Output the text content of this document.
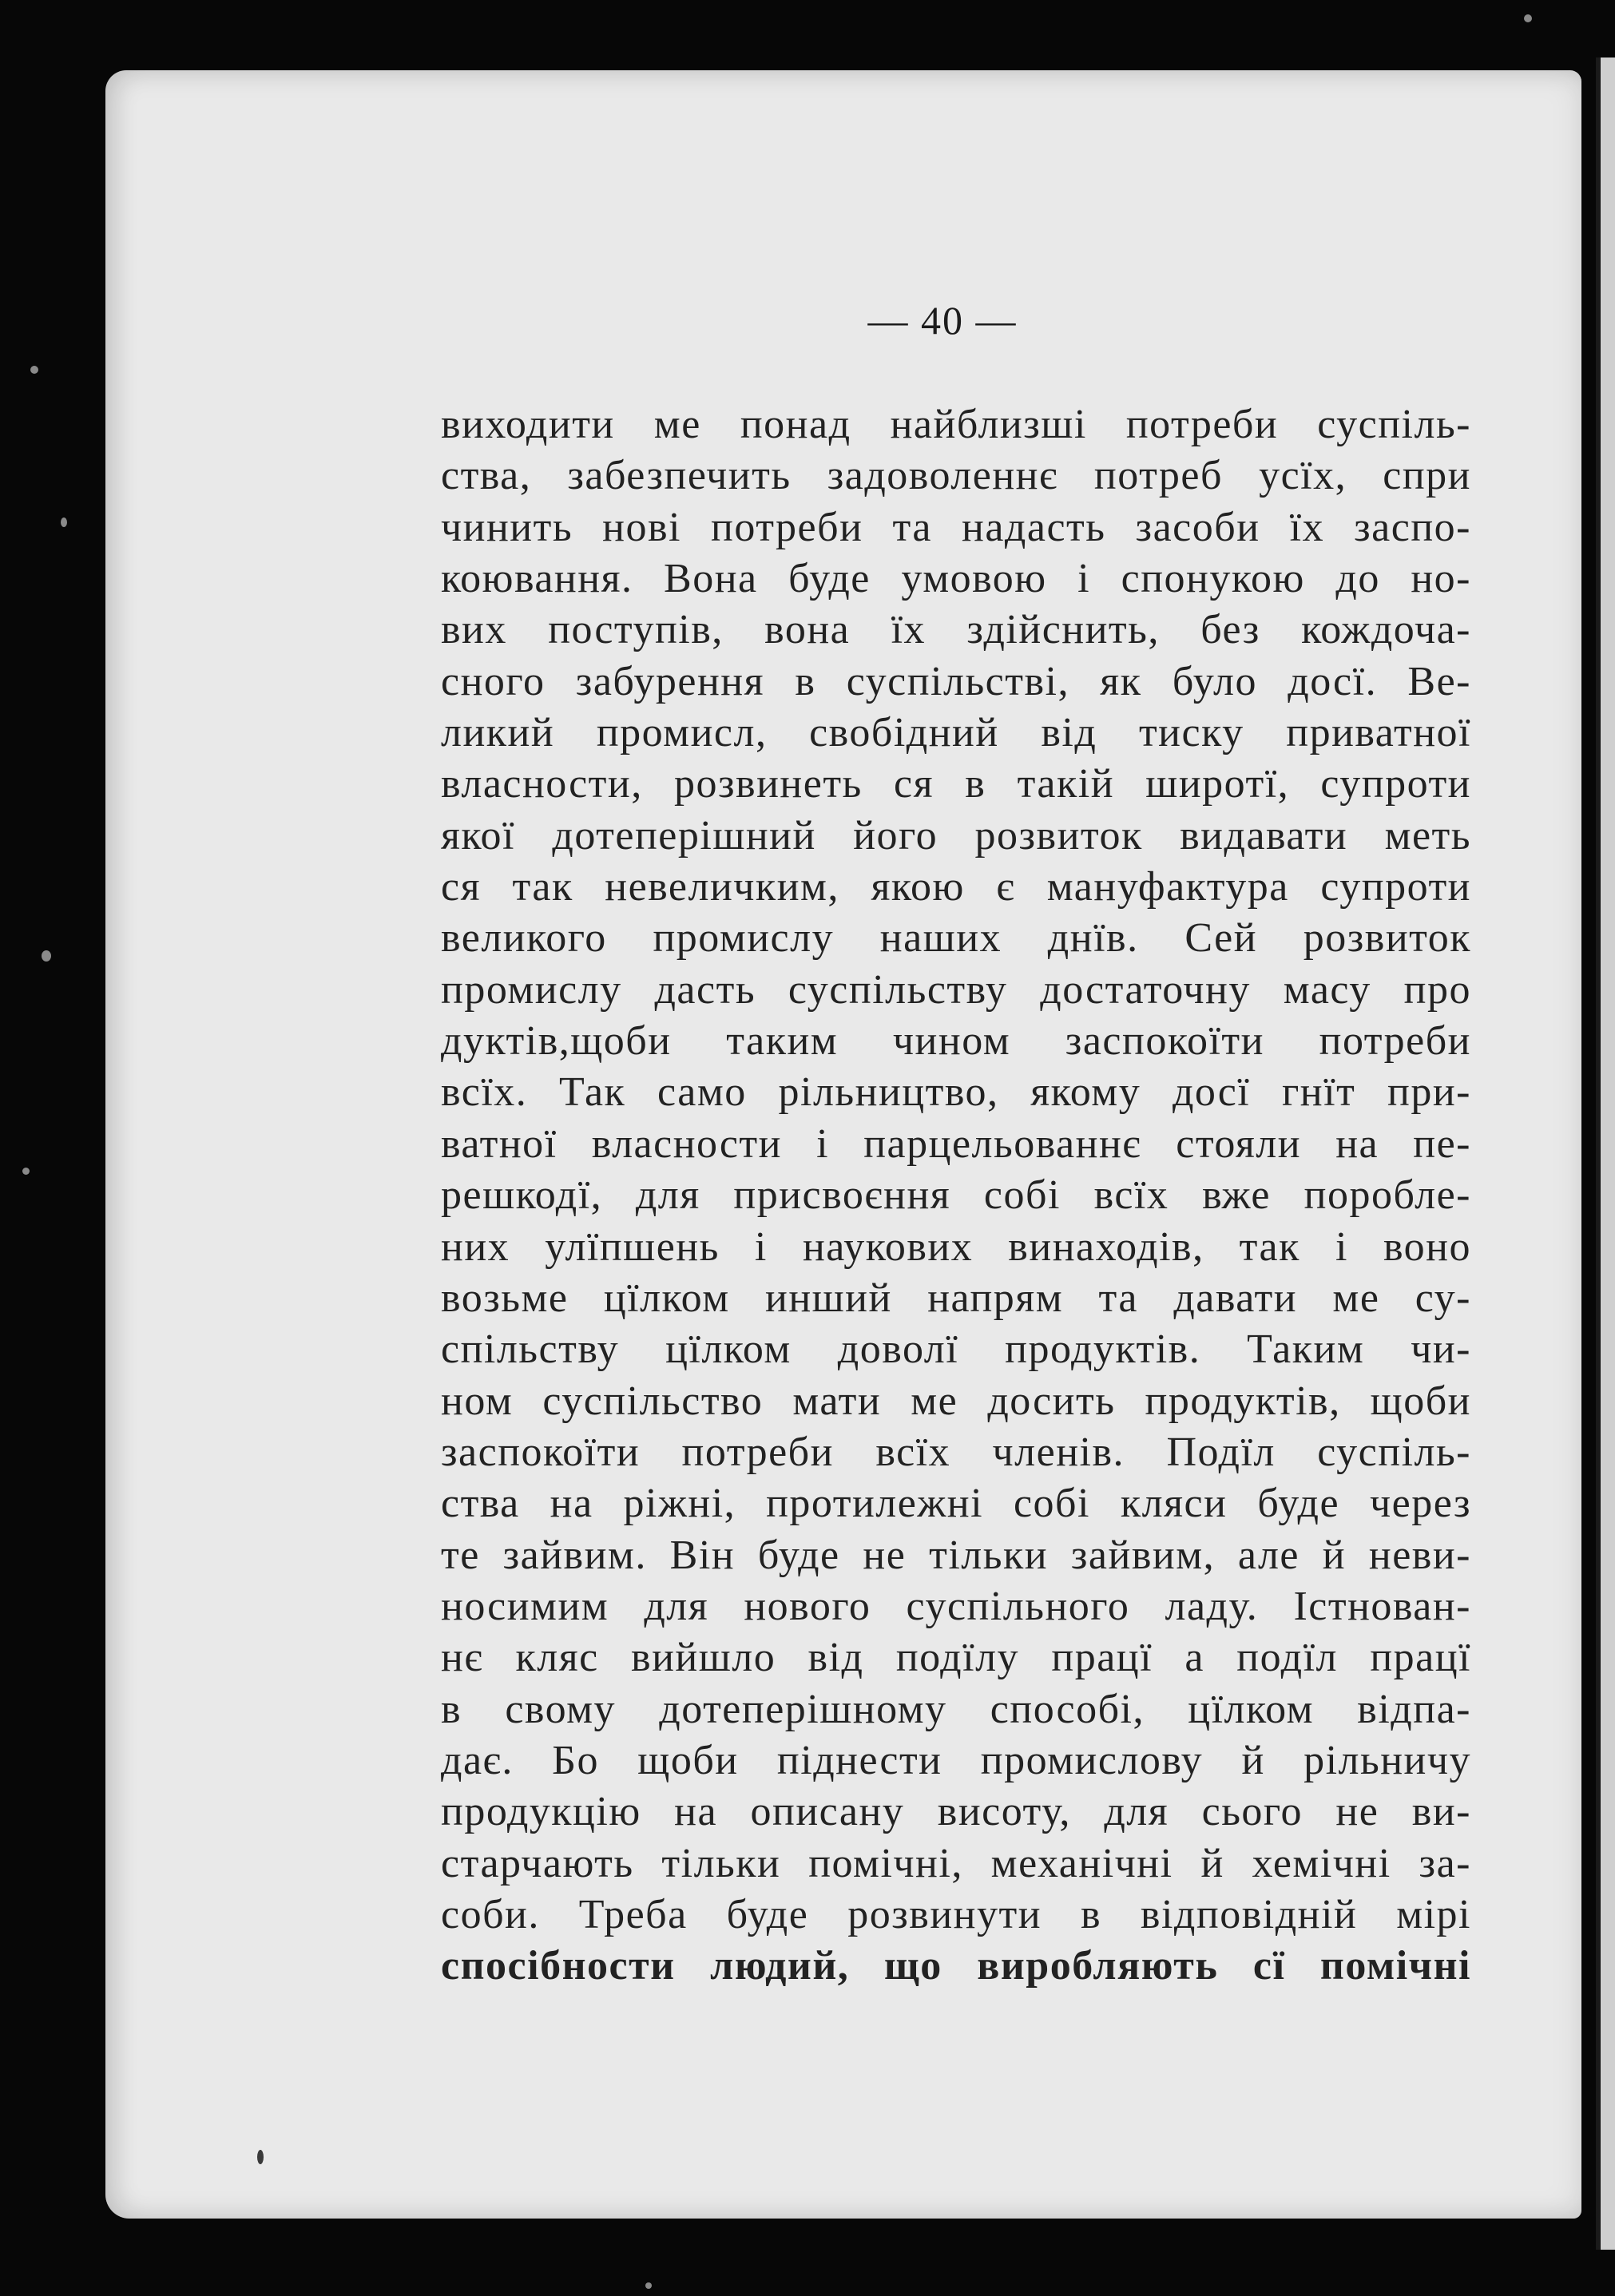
— 40 —
виходити ме понад найблизші потреби суспіль-
ства, забезпечить задоволеннє потреб усїх, спри
чинить нові потреби та надасть засоби їх заспо-
коювання. Вона буде умовою і спонукою до но-
вих поступів, вона їх здійснить, без кождоча-
сного забурення в суспільстві, як було досї. Ве-
ликий промисл, свобідний від тиску приватної
власности, розвинеть ся в такій широтї, супроти
якої дотеперішний його розвиток видавати меть
ся так невеличким, якою є мануфактура супроти
великого промислу наших днїв. Сей розвиток
промислу дасть суспільству достаточну масу про
дуктів,щоби таким чином заспокоїти потреби
всїх. Так само рільництво, якому досї гнїт при-
ватної власности і парцельованнє стояли на пе-
решкодї, для присвоєння собі всїх вже поробле-
них улїпшень і наукових винаходів, так і воно
возьме цїлком инший напрям та давати ме су-
спільству цїлком доволї продуктів. Таким чи-
ном суспільство мати ме досить продуктів, щоби
заспокоїти потреби всїх членів. Подїл суспіль-
ства на ріжні, протилежні собі кляси буде через
те зайвим. Він буде не тільки зайвим, але й неви-
носимим для нового суспільного ладу. Істнован-
нє кляс вийшло від подїлу працї а подїл працї
в свому дотеперішному способі, цїлком відпа-
дає. Бо щоби піднести промислову й рільничу
продукцію на описану висоту, для сього не ви-
старчають тільки помічні, механічні й хемічні за-
соби. Треба буде розвинути в відповідній мірі
спосібности людий, що виробляють сї помічні
